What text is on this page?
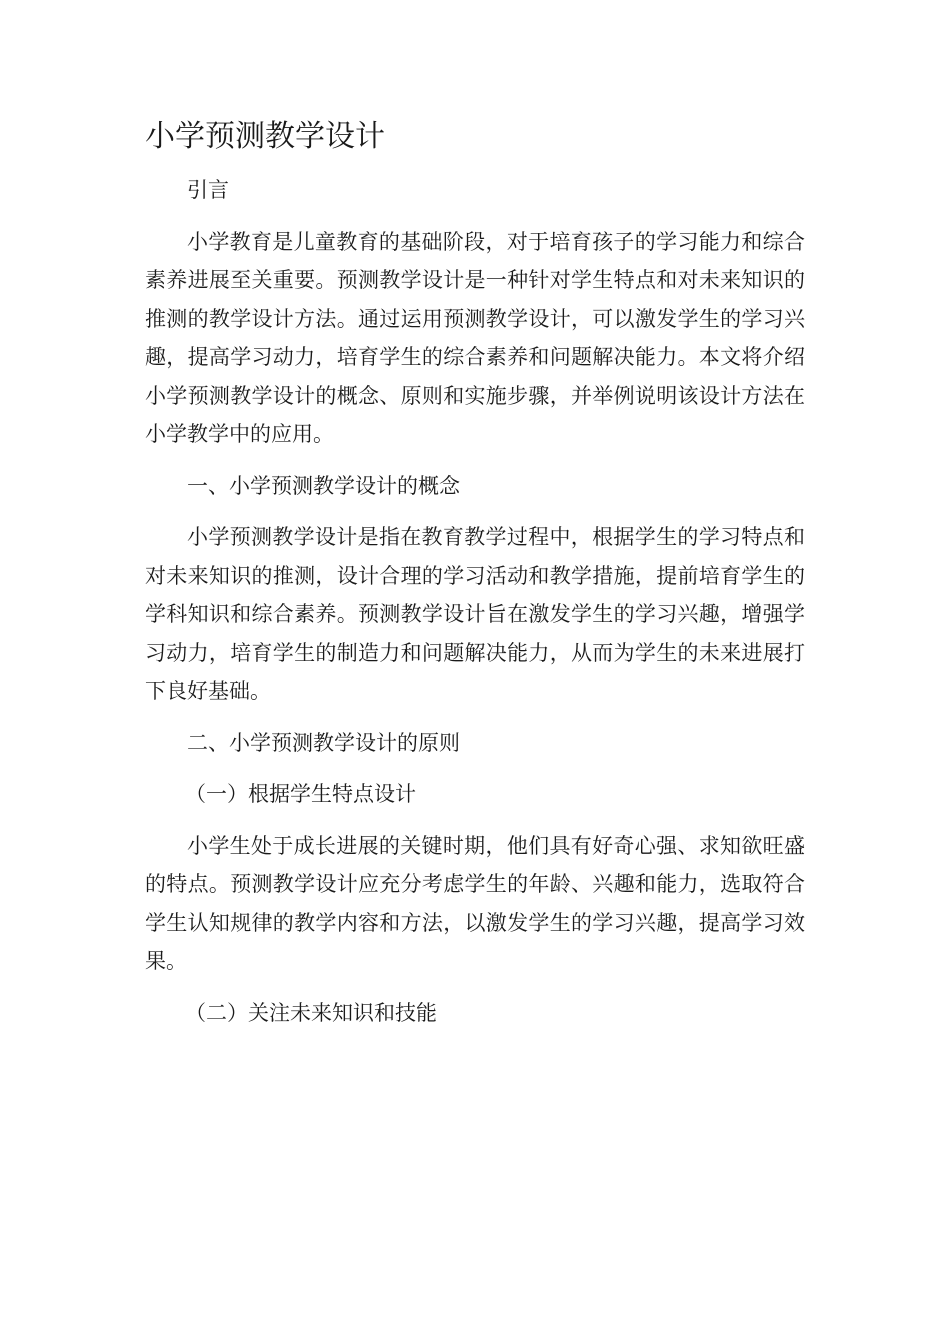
小学预测教学设计

引言

小学教育是儿童教育的基础阶段，对于培育孩子的学习能力和综合素养进展至关重要。预测教学设计是一种针对学生特点和对未来知识的推测的教学设计方法。通过运用预测教学设计，可以激发学生的学习兴趣，提高学习动力，培育学生的综合素养和问题解决能力。本文将介绍小学预测教学设计的概念、原则和实施步骤，并举例说明该设计方法在小学教学中的应用。

一、小学预测教学设计的概念

小学预测教学设计是指在教育教学过程中，根据学生的学习特点和对未来知识的推测，设计合理的学习活动和教学措施，提前培育学生的学科知识和综合素养。预测教学设计旨在激发学生的学习兴趣，增强学习动力，培育学生的制造力和问题解决能力，从而为学生的未来进展打下良好基础。

二、小学预测教学设计的原则

（一）根据学生特点设计

小学生处于成长进展的关键时期，他们具有好奇心强、求知欲旺盛的特点。预测教学设计应充分考虑学生的年龄、兴趣和能力，选取符合学生认知规律的教学内容和方法，以激发学生的学习兴趣，提高学习效果。

（二）关注未来知识和技能
